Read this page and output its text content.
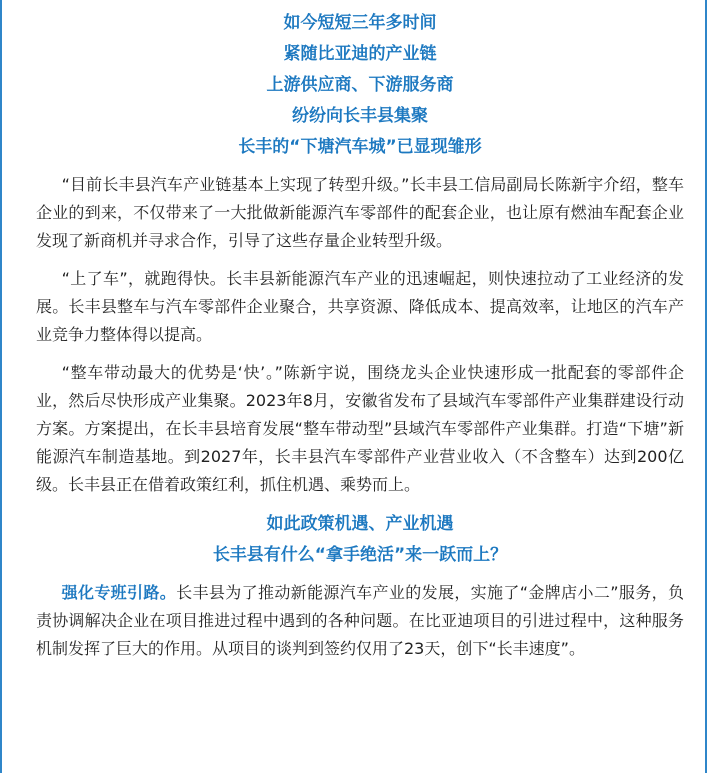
如今短短三年多时间

紧随比亚迪的产业链

上游供应商、下游服务商

纷纷向长丰县集聚

长丰的“下塘汽车城”已显现雏形

“目前长丰县汽车产业链基本上实现了转型升级。”长丰县工信局副局长陈新宇介绍，整车企业的到来，不仅带来了一大批做新能源汽车零部件的配套企业，也让原有燃油车配套企业发现了新商机并寻求合作，引导了这些存量企业转型升级。

“上了车”，就跑得快。长丰县新能源汽车产业的迅速崛起，则快速拉动了工业经济的发展。长丰县整车与汽车零部件企业聚合，共享资源、降低成本、提高效率，让地区的汽车产业竞争力整体得以提高。

“整车带动最大的优势是‘快’。”陈新宇说，围绕龙头企业快速形成一批配套的零部件企业，然后尽快形成产业集聚。2023年8月，安徽省发布了县域汽车零部件产业集群建设行动方案。方案提出，在长丰县培育发展“整车带动型”县域汽车零部件产业集群。打造“下塘”新能源汽车制造基地。到2027年，长丰县汽车零部件产业营业收入（不含整车）达到200亿级。长丰县正在借着政策红利，抓住机遇、乘势而上。

如此政策机遇、产业机遇

长丰县有什么“拿手绝活”来一跃而上？

强化专班引路。长丰县为了推动新能源汽车产业的发展，实施了“金牌店小二”服务，负责协调解决企业在项目推进过程中遇到的各种问题。在比亚迪项目的引进过程中，这种服务机制发挥了巨大的作用。从项目的谈判到签约仅用了23天，创下“长丰速度”。
